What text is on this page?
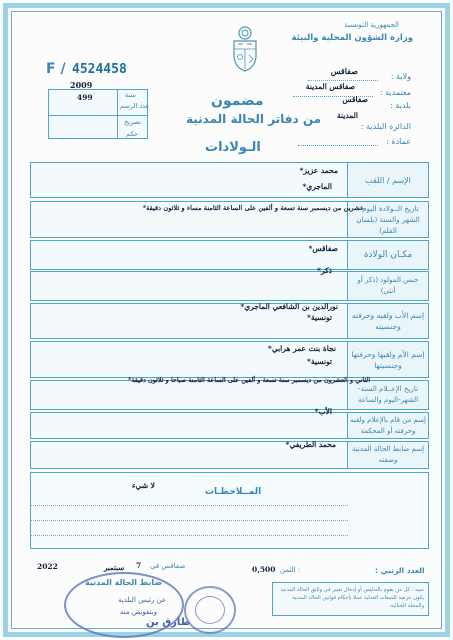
الجمهورية التونسية
وزارة الشؤون المحلية والبيئة
ولاية :
صفاقس
معتمدية :
صفاقس المدينة
بلدية :
صفاقس
الدائرة البلدية :
المدينة
عمادة :
F / 4524458
2009
سنة
499
عدد الرسم
تصريح
حكم
مضمون
من دفاتر الحالة المدنية
الـولادات
الإسم / اللقب
محمد عزيز*
الماجري*
تاريخ الــولادة اليوم - الشهر والسنة (بلسان القلم)
عشرين من ديسمبر سنة تسعة و ألفين على الساعة الثامنة مساء و ثلاثون دقيقة*
مكـان الولادة
صفاقس*
جنس المولود (ذكر أو أنثى)
ذكر*
إسم الأب ولقبه وحرفته وجنسيته
نورالدين بن الشافعي الماجري*
تونسية*
إسم الأم ولقبها وحرفتها وجنسيتها
نجاة بنت عمر هرابي*
تونسية*
تاريخ الإعــلام السنة-الشهر-اليوم والساعة
الثاني و العشرون من ديسمبر سنة تسعة و ألفين على الساعة الثامنة صباحا و ثلاثون دقيقة*
إسم من قام بالإعلام ولقبه وحرفته أو المحكمة
الأب*
إسم ضابط الحالة المدنية وصفته
محمد الطريفي*
المــلاحظـات
لا شيء
صفاقس في
7
سبتمبر
2022	الثمن :
0,500	العدد الرتبي :
ضابط الحالة المدنية
عن رئيس البلدية
وبتفويض منه
طارق بن
تنبيه : كل من يقوم بالتدليس أو إدخال تغيير في وثائق الحالة المدنية يكون عرضة للتتبعات العدلية عملا بأحكام قوانين الحالة المدنية والمجلة الجنائية.
